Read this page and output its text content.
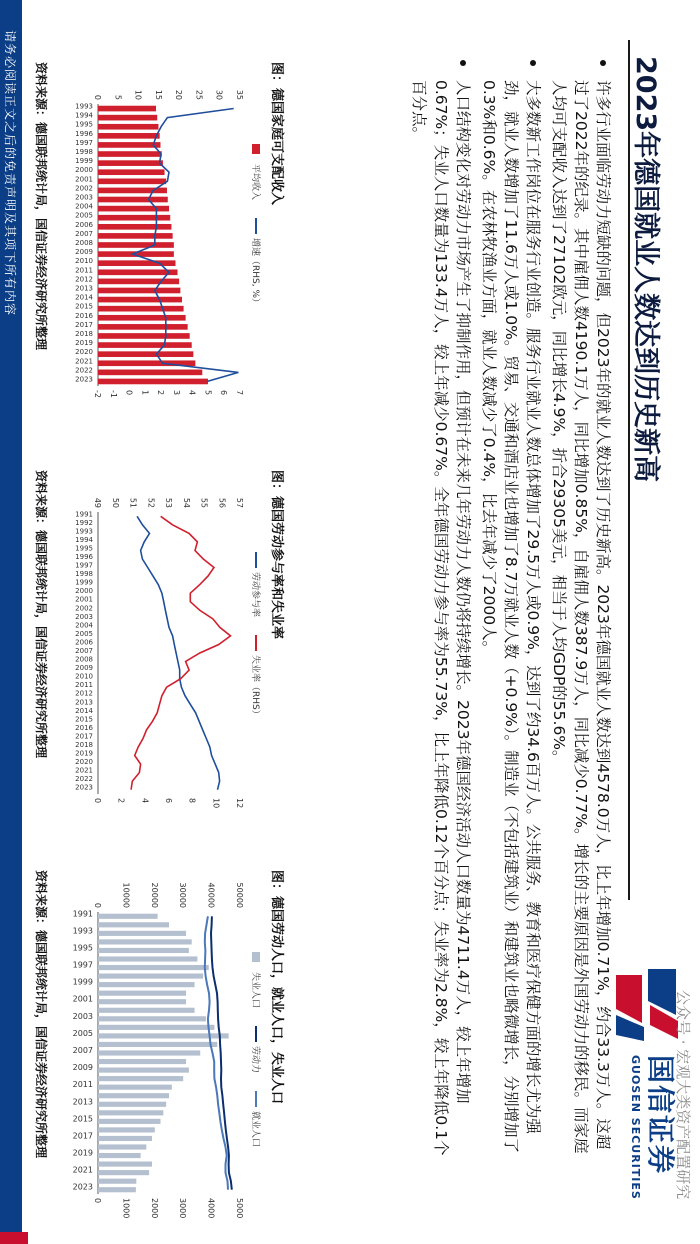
请务必阅读正文之后的免责声明及其项下所有内容	2023年德国就业人数达到历史新高
国信证券
GUOSEN SECURITIES 公众号 · 宏观大类资产配置研究
许多行业面临劳动力短缺的问题，但2023年的就业人数达到了历史新高。2023年德国就业人数达到4578.0万人，比上年增加0.71%，约合33.3万人。这超过了2022年的纪录。其中雇佣人数4190.1万人，同比增加0.85%，自雇佣人数387.9万人，同比减少0.77%。增长的主要原因是外国劳动力的移民。而家庭人均可支配收入达到了27102欧元，同比增长4.9%，折合29305美元，相当于人均GDP的55.6%。
大多数新工作岗位在服务行业创造。服务行业就业人数总体增加了29.5万人或0.9%，达到了约34.6百万人。公共服务、教育和医疗保健方面的增长尤为强劲，就业人数增加了11.6万人或1.0%。贸易、交通和酒店业也增加了8.7万就业人数（+0.9%）。制造业（不包括建筑业）和建筑业也略微增长，分别增加了0.3%和0.6%。在农林牧渔业方面，就业人数减少了0.4%，比去年减少了2000人。
人口结构变化对劳动力市场产生了抑制作用，但预计在未来几年劳动力人数仍将持续增长。2023年德国经济活动人口数量为4711.4万人，较上年增加0.67%；失业人口数量为133.4万人，较上年减少0.67%。全年德国劳动力参与率为55.73%，比上年降低0.12个百分点；失业率为2.8%，较上年降低0.1个百分点。
图：德国家庭可支配收入
图：德国劳动参与率和失业率
图：德国劳动人口，就业人口，失业人口
0 5 10 15 20 25 30 35
-2 -1 0 1 2 3 4 5 6 7
1993
1994
1995
1996
1997
1998
1999
2000
2001
2002
2003
2004
2005
2006
2007
2008
2009
2010
2011
2012
2013
2014
2015
2016
2017
2018
2019
2020
2021
2022
2023
平均收入
增速（RHS, %）
49 50 51 52 53 54 55 56 57
0 2 4 6 8 10 12
1991
1992
1993
1994
1995
1996
1997
1998
1999
2000
2001
2002
2003
2004
2005
2006
2007
2008
2009
2010
2011
2012
2013
2014
2015
2016
2017
2018
2019
2020
2021
2022
2023
劳动参与率
失业率（RHS）
0 10000 20000 30000 40000 50000
0 1000 2000 3000 4000 5000
1991
1993
1995
1997
1999
2001
2003
2005
2007
2009
2011
2013
2015
2017
2019
2021
2023
失业人口
劳动力
就业人口
资料来源：德国联邦统计局，国信证券经济研究所整理
资料来源：德国联邦统计局，国信证券经济研究所整理
资料来源：德国联邦统计局，国信证券经济研究所整理
